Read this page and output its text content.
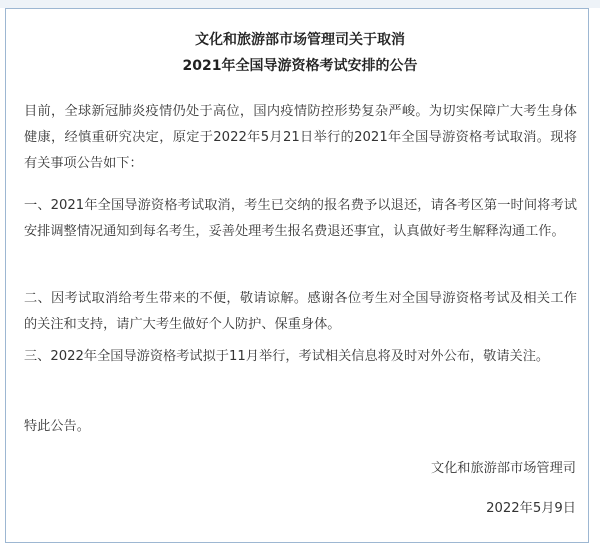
文化和旅游部市场管理司关于取消
2021年全国导游资格考试安排的公告
目前，全球新冠肺炎疫情仍处于高位，国内疫情防控形势复杂严峻。为切实保障广大考生身体健康，经慎重研究决定，原定于2022年5月21日举行的2021年全国导游资格考试取消。现将有关事项公告如下：
一、2021年全国导游资格考试取消，考生已交纳的报名费予以退还，请各考区第一时间将考试安排调整情况通知到每名考生，妥善处理考生报名费退还事宜，认真做好考生解释沟通工作。
二、因考试取消给考生带来的不便，敬请谅解。感谢各位考生对全国导游资格考试及相关工作的关注和支持，请广大考生做好个人防护、保重身体。
三、2022年全国导游资格考试拟于11月举行，考试相关信息将及时对外公布，敬请关注。
特此公告。
文化和旅游部市场管理司
2022年5月9日
